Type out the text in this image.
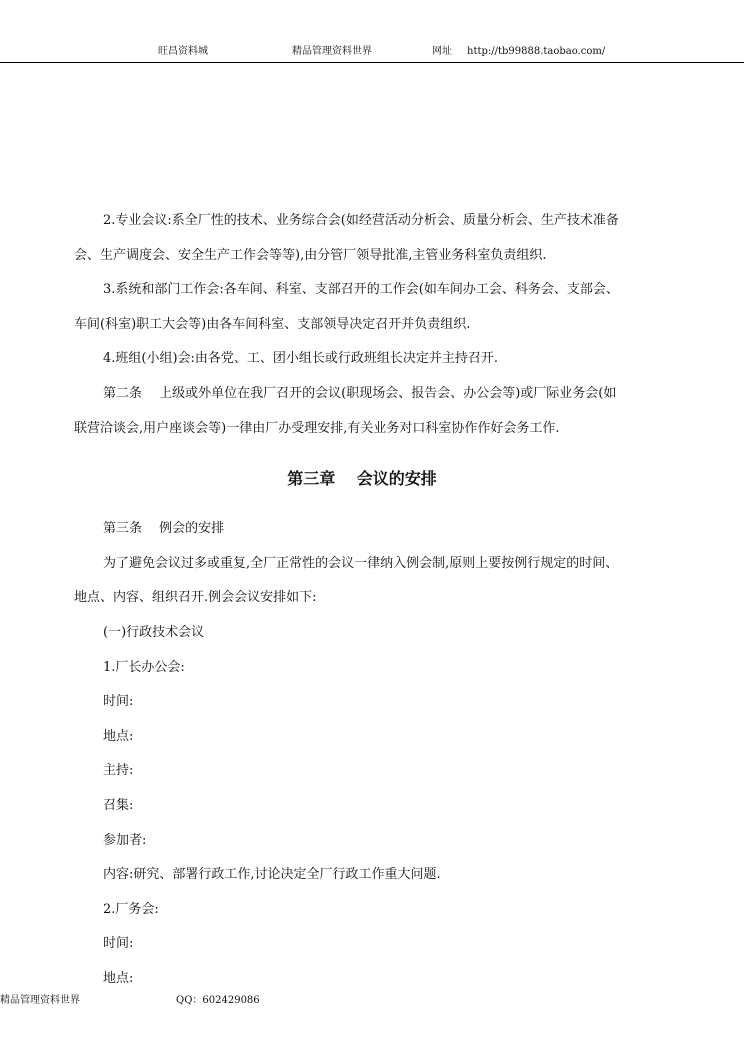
旺昌资料城	精品管理资料世界	网址 http://tb99888.taobao.com/

2.专业会议:系全厂性的技术、业务综合会(如经营活动分析会、质量分析会、生产技术准备

会、生产调度会、安全生产工作会等等),由分管厂领导批准,主管业务科室负责组织.

3.系统和部门工作会:各车间、科室、支部召开的工作会(如车间办工会、科务会、支部会、

车间(科室)职工大会等)由各车间科室、支部领导决定召开并负责组织.

4.班组(小组)会:由各党、工、团小组长或行政班组长决定并主持召开.

第二条　 上级或外单位在我厂召开的会议(职现场会、报告会、办公会等)或厂际业务会(如

联营洽谈会,用户座谈会等)一律由厂办受理安排,有关业务对口科室协作作好会务工作.

第三章　 会议的安排

第三条　 例会的安排

为了避免会议过多或重复,全厂正常性的会议一律纳入例会制,原则上要按例行规定的时间、

地点、内容、组织召开.例会会议安排如下:

(一)行政技术会议

1.厂长办公会:

时间:

地点:

主持:

召集:

参加者:

内容:研究、部署行政工作,讨论决定全厂行政工作重大问题.

2.厂务会:

时间:

地点:

精品管理资料世界	QQ：602429086
